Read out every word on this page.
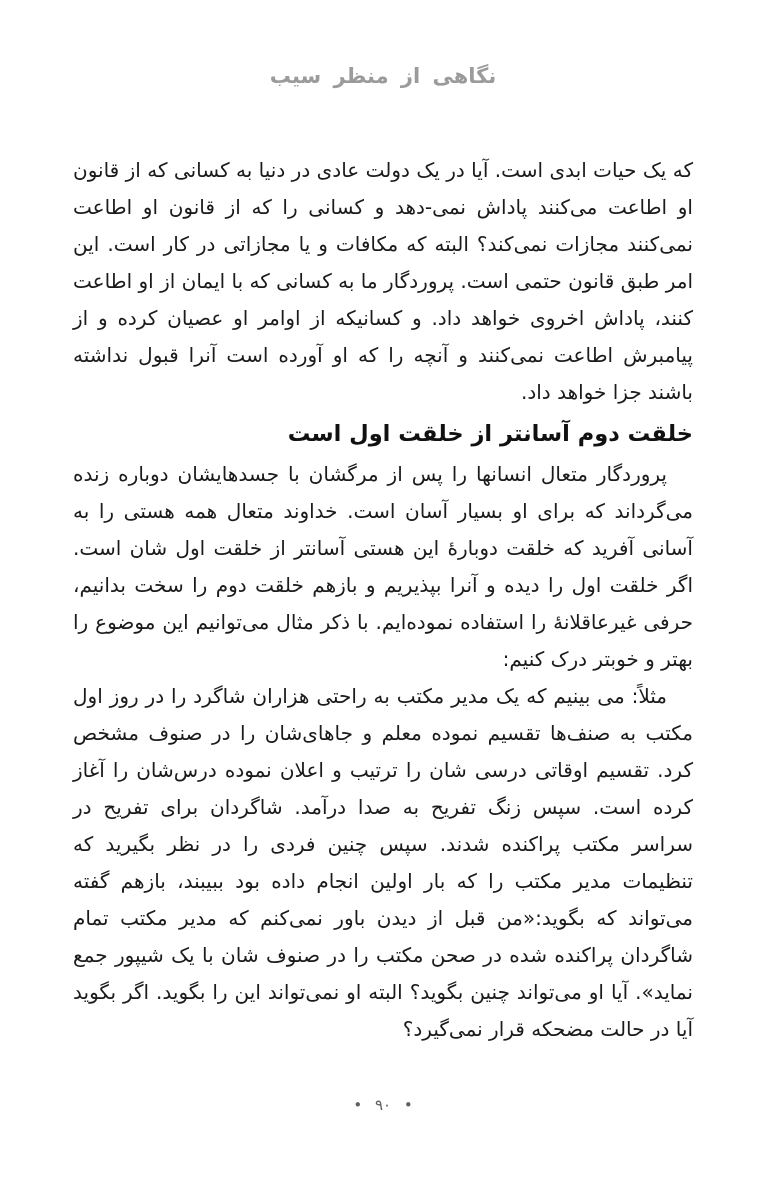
نگاهی از منظر سیب

که یک حیات ابدی است. آیا در یک دولت عادی در دنیا به کسانی که از قانون او اطاعت می‌کنند پاداش نمی-دهد و کسانی را که از قانون او اطاعت نمی‌کنند مجازات نمی‌کند؟ البته که مکافات و یا مجازاتی در کار است. این امر طبق قانون حتمی است. پروردگار ما به کسانی که با ایمان از او اطاعت کنند، پاداش اخروی خواهد داد. و کسانیکه از اوامر او عصیان کرده و از پیامبرش اطاعت نمی‌کنند و آنچه را که او آورده است آنرا قبول نداشته باشند جزا خواهد داد.

خلقت دوم آسانتر از خلقت اول است

پروردگار متعال انسانها را پس از مرگشان با جسدهایشان دوباره زنده می‌گرداند که برای او بسیار آسان است. خداوند متعال همه هستی را به آسانی آفرید که خلقت دوبارهٔ این هستی آسانتر از خلقت اول شان است. اگر خلقت اول را دیده و آنرا بپذیریم و بازهم خلقت دوم را سخت بدانیم، حرفی غیرعاقلانهٔ را استفاده نموده‌ایم. با ذکر مثال می‌توانیم این موضوع را بهتر و خوبتر درک کنیم:

مثلاً: می بینیم که یک مدیر مکتب به راحتی هزاران شاگرد را در روز اول مکتب به صنف‌ها تقسیم نموده معلم و جاهای‌شان را در صنوف مشخص کرد. تقسیم اوقاتی درسی شان را ترتیب و اعلان نموده درس‌شان را آغاز کرده است. سپس زنگ تفریح به صدا درآمد. شاگردان برای تفریح در سراسر مکتب پراکنده شدند. سپس چنین فردی را در نظر بگیرید که تنظیمات مدیر مکتب را که بار اولین انجام داده بود ببیبند، بازهم گفته می‌تواند که بگوید:«من قبل از دیدن باور نمی‌کنم که مدیر مکتب تمام شاگردان پراکنده شده در صحن مکتب را در صنوف شان با یک شیپور جمع نماید». آیا او می‌تواند چنین بگوید؟ البته او نمی‌تواند این را بگوید. اگر بگوید آیا در حالت مضحکه قرار نمی‌گیرد؟

• ۹۰ •
